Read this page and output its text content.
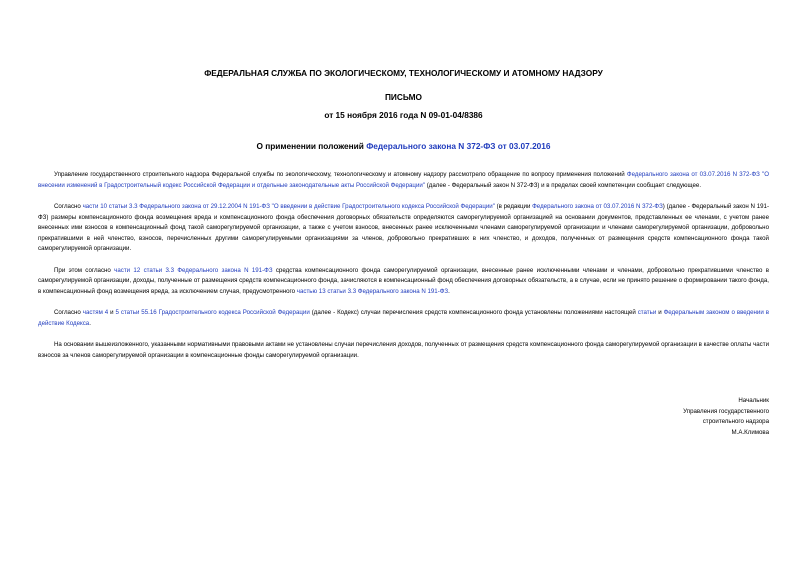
ФЕДЕРАЛЬНАЯ СЛУЖБА ПО ЭКОЛОГИЧЕСКОМУ, ТЕХНОЛОГИЧЕСКОМУ И АТОМНОМУ НАДЗОРУ
ПИСЬМО
от 15 ноября 2016 года N 09-01-04/8386
О применении положений Федерального закона N 372-ФЗ от 03.07.2016

Управление государственного строительного надзора Федеральной службы по экологическому, технологическому и атомному надзору рассмотрело обращение по вопросу применения положений Федерального закона от 03.07.2016 N 372-ФЗ "О внесении изменений в Градостроительный кодекс Российской Федерации и отдельные законодательные акты Российской Федерации" (далее - Федеральный закон N 372-ФЗ) и в пределах своей компетенции сообщает следующее.

Согласно части 10 статьи 3.3 Федерального закона от 29.12.2004 N 191-ФЗ "О введении в действие Градостроительного кодекса Российской Федерации" (в редакции Федерального закона от 03.07.2016 N 372-ФЗ) (далее - Федеральный закон N 191-ФЗ) размеры компенсационного фонда возмещения вреда и компенсационного фонда обеспечения договорных обязательств определяются саморегулируемой организацией на основании документов, представленных ее членами, с учетом ранее внесенных ими взносов в компенсационный фонд такой саморегулируемой организации, а также с учетом взносов, внесенных ранее исключенными членами саморегулируемой организации и членами саморегулируемой организации, добровольно прекратившими в ней членство, взносов, перечисленных другими саморегулируемыми организациями за членов, добровольно прекративших в них членство, и доходов, полученных от размещения средств компенсационного фонда такой саморегулируемой организации.

При этом согласно части 12 статьи 3.3 Федерального закона N 191-ФЗ средства компенсационного фонда саморегулируемой организации, внесенные ранее исключенными членами и членами, добровольно прекратившими членство в саморегулируемой организации, доходы, полученные от размещения средств компенсационного фонда, зачисляются в компенсационный фонд обеспечения договорных обязательств, а в случае, если не принято решение о формировании такого фонда, в компенсационный фонд возмещения вреда, за исключением случая, предусмотренного частью 13 статьи 3.3 Федерального закона N 191-ФЗ.

Согласно частям 4 и 5 статьи 55.16 Градостроительного кодекса Российской Федерации (далее - Кодекс) случаи перечисления средств компенсационного фонда установлены положениями настоящей статьи и Федеральным законом о введении в действие Кодекса.

На основании вышеизложенного, указанными нормативными правовыми актами не установлены случаи перечисления доходов, полученных от размещения средств компенсационного фонда саморегулируемой организации в качестве оплаты части взносов за членов саморегулируемой организации в компенсационные фонды саморегулируемой организации.

Начальник
Управления государственного
строительного надзора
М.А.Климова
